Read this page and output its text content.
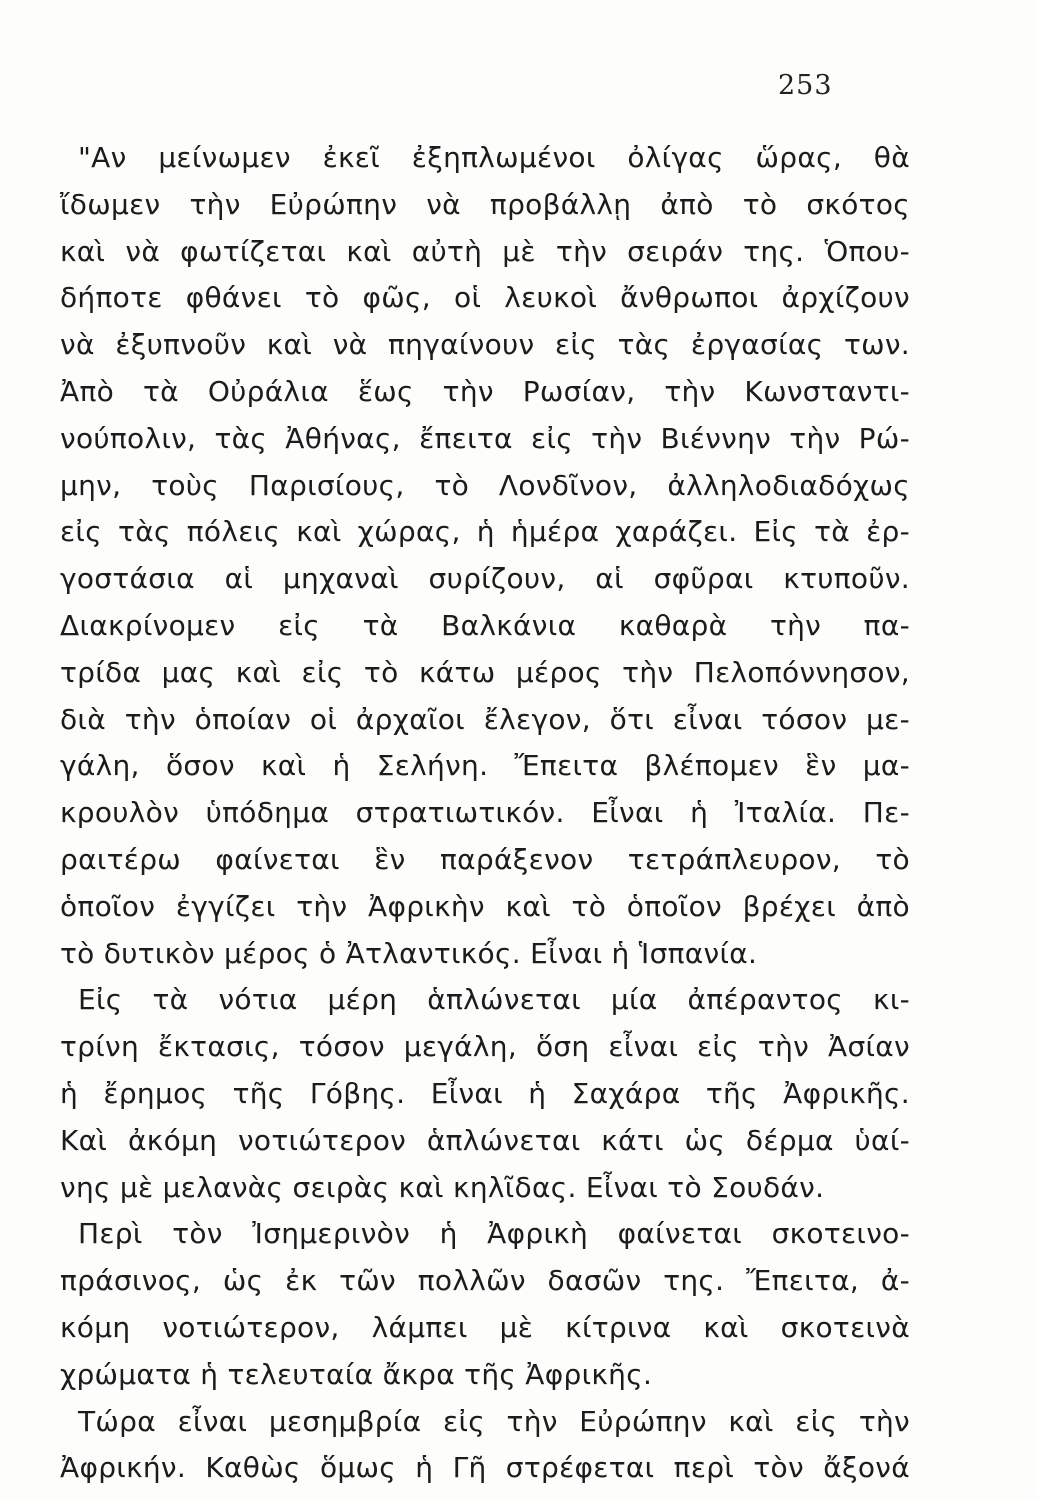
253
"Αν μείνωμεν ἐκεῖ ἐξηπλωμένοι ὀλίγας ὥρας, θὰ
ἴδωμεν τὴν Εὐρώπην νὰ προβάλλῃ ἀπὸ τὸ σκότος
καὶ νὰ φωτίζεται καὶ αὐτὴ μὲ τὴν σειράν της. Ὁπου-
δήποτε φθάνει τὸ φῶς, οἱ λευκοὶ ἄνθρωποι ἀρχίζουν
νὰ ἐξυπνοῦν καὶ νὰ πηγαίνουν εἰς τὰς ἐργασίας των.
Ἀπὸ τὰ Οὐράλια ἕως τὴν Ρωσίαν, τὴν Κωνσταντι-
νούπολιν, τὰς Ἀθήνας, ἔπειτα εἰς τὴν Βιέννην τὴν Ρώ-
μην, τοὺς Παρισίους, τὸ Λονδῖνον, ἀλληλοδιαδόχως
εἰς τὰς πόλεις καὶ χώρας, ἡ ἡμέρα χαράζει. Εἰς τὰ ἐρ-
γοστάσια αἱ μηχαναὶ συρίζουν, αἱ σφῦραι κτυποῦν.
Διακρίνομεν εἰς τὰ Βαλκάνια καθαρὰ τὴν πα-
τρίδα μας καὶ εἰς τὸ κάτω μέρος τὴν Πελοπόννησον,
διὰ τὴν ὁποίαν οἱ ἀρχαῖοι ἔλεγον, ὅτι εἶναι τόσον με-
γάλη, ὅσον καὶ ἡ Σελήνη. Ἔπειτα βλέπομεν ἓν μα-
κρουλὸν ὑπόδημα στρατιωτικόν. Εἶναι ἡ Ἰταλία. Πε-
ραιτέρω φαίνεται ἓν παράξενον τετράπλευρον, τὸ
ὁποῖον ἐγγίζει τὴν Ἀφρικὴν καὶ τὸ ὁποῖον βρέχει ἀπὸ
τὸ δυτικὸν μέρος ὁ Ἀτλαντικός. Εἶναι ἡ Ἱσπανία.
Εἰς τὰ νότια μέρη ἁπλώνεται μία ἀπέραντος κι-
τρίνη ἔκτασις, τόσον μεγάλη, ὅση εἶναι εἰς τὴν Ἀσίαν
ἡ ἔρημος τῆς Γόβης. Εἶναι ἡ Σαχάρα τῆς Ἀφρικῆς.
Καὶ ἀκόμη νοτιώτερον ἁπλώνεται κάτι ὡς δέρμα ὑαί-
νης μὲ μελανὰς σειρὰς καὶ κηλῖδας. Εἶναι τὸ Σουδάν.
Περὶ τὸν Ἰσημερινὸν ἡ Ἀφρικὴ φαίνεται σκοτεινο-
πράσινος, ὡς ἐκ τῶν πολλῶν δασῶν της. Ἔπειτα, ἀ-
κόμη νοτιώτερον, λάμπει μὲ κίτρινα καὶ σκοτεινὰ
χρώματα ἡ τελευταία ἄκρα τῆς Ἀφρικῆς.
Τώρα εἶναι μεσημβρία εἰς τὴν Εὐρώπην καὶ εἰς τὴν
Ἀφρικήν. Καθὼς ὅμως ἡ Γῆ στρέφεται περὶ τὸν ἄξονά
